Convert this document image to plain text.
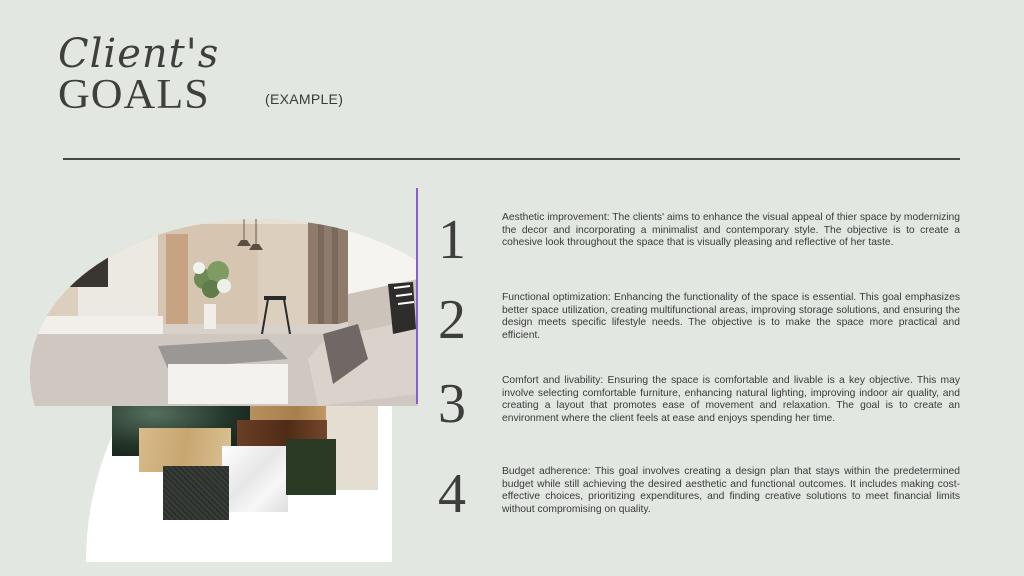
Client's
GOALS	(EXAMPLE)
1	Aesthetic improvement: The clients' aims to enhance the visual appeal of thier space by modernizing the decor and incorporating a minimalist and contemporary style. The objective is to create a cohesive look throughout the space that is visually pleasing and reflective of her taste.

2	Functional optimization: Enhancing the functionality of the space is essential. This goal emphasizes better space utilization, creating multifunctional areas, improving storage solutions, and ensuring the design meets specific lifestyle needs. The objective is to make the space more practical and efficient.

3	Comfort and livability: Ensuring the space is comfortable and livable is a key objective. This may involve selecting comfortable furniture, enhancing natural lighting, improving indoor air quality, and creating a layout that promotes ease of movement and relaxation. The goal is to create an environment where the client feels at ease and enjoys spending her time.

4	Budget adherence: This goal involves creating a design plan that stays within the predetermined budget while still achieving the desired aesthetic and functional outcomes. It includes making cost-effective choices, prioritizing expenditures, and finding creative solutions to meet financial limits without compromising on quality.
